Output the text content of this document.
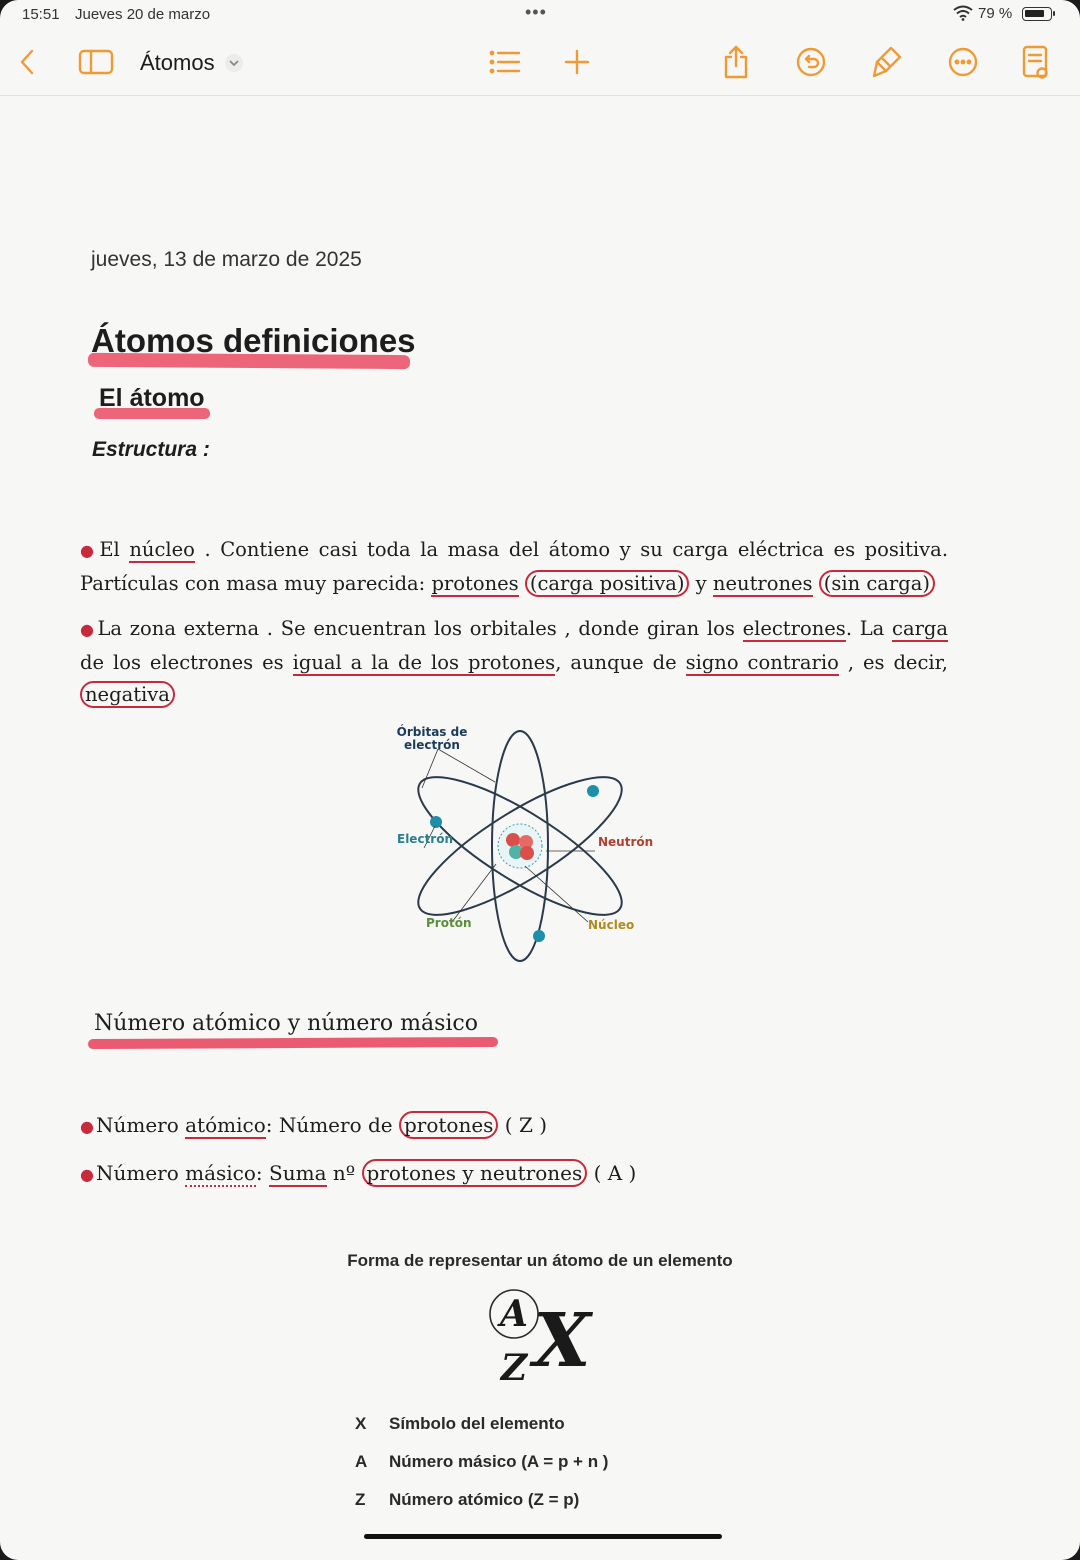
15:51 Jueves 20 de marzo	•••	79 %
Átomos
jueves, 13 de marzo de 2025
Átomos definiciones
El átomo
Estructura :
● El núcleo . Contiene casi toda la masa del átomo y su carga eléctrica es positiva. Partículas con masa muy parecida: protones (carga positiva) y neutrones (sin carga)
● La zona externa . Se encuentran los orbitales , donde giran los electrones. La carga de los electrones es igual a la de los protones, aunque de signo contrario , es decir, negativa
Órbitas de
electrón
Electrón	Neutrón
Protón	Núcleo
Número atómico y número másico
● Número atómico: Número de protones ( Z )
● Número másico: Suma nº protones y neutrones ( A )
Forma de representar un átomo de un elemento
A
Z X
X Símbolo del elemento
A Número másico (A = p + n )
Z Número atómico (Z = p)
